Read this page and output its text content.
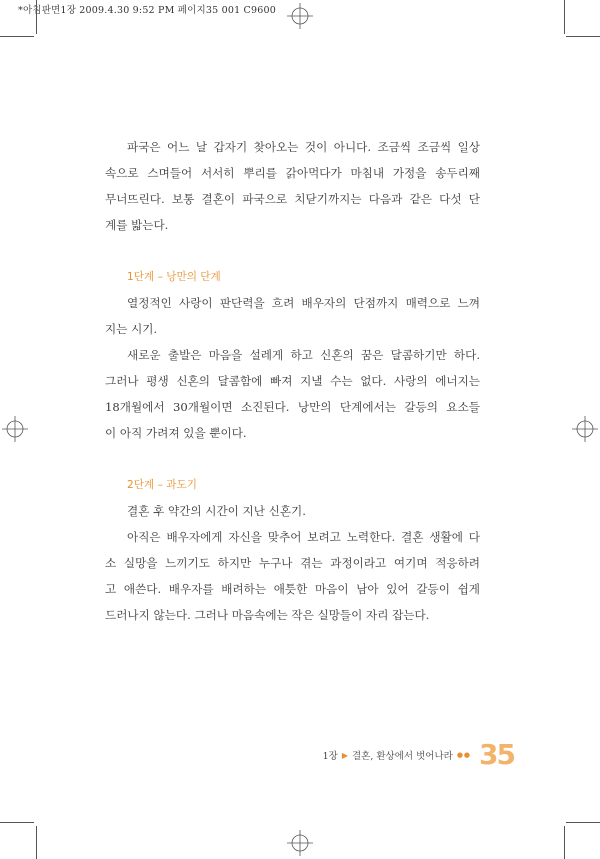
*아침판면1장 2009.4.30 9:52 PM 페이지35 001 C9600

파국은 어느 날 갑자기 찾아오는 것이 아니다. 조금씩 조금씩 일상
속으로 스며들어 서서히 뿌리를 갉아먹다가 마침내 가정을 송두리째
무너뜨린다. 보통 결혼이 파국으로 치닫기까지는 다음과 같은 다섯 단
계를 밟는다.

1단계 – 낭만의 단계

열정적인 사랑이 판단력을 흐려 배우자의 단점까지 매력으로 느껴
지는 시기.

새로운 출발은 마음을 설레게 하고 신혼의 꿈은 달콤하기만 하다.
그러나 평생 신혼의 달콤함에 빠져 지낼 수는 없다. 사랑의 에너지는
18개월에서 30개월이면 소진된다. 낭만의 단계에서는 갈등의 요소들
이 아직 가려져 있을 뿐이다.

2단계 – 과도기

결혼 후 약간의 시간이 지난 신혼기.

아직은 배우자에게 자신을 맞추어 보려고 노력한다. 결혼 생활에 다
소 실망을 느끼기도 하지만 누구나 겪는 과정이라고 여기며 적응하려
고 애쓴다. 배우자를 배려하는 애틋한 마음이 남아 있어 갈등이 쉽게
드러나지 않는다. 그러나 마음속에는 작은 실망들이 자리 잡는다.

1장 ▶ 결혼, 환상에서 벗어나라 ●● 35
